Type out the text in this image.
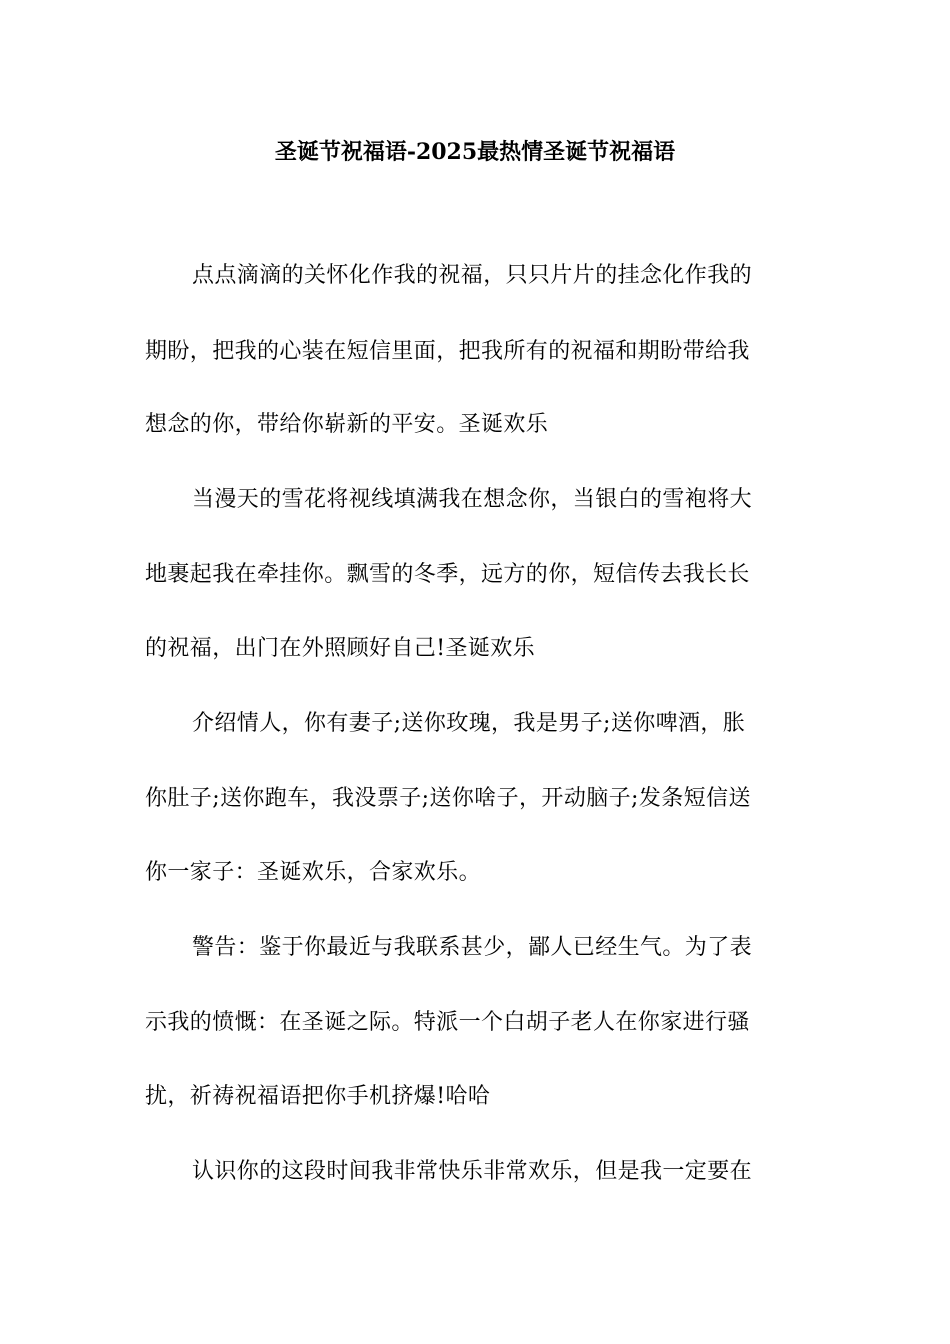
圣诞节祝福语-2025最热情圣诞节祝福语
点点滴滴的关怀化作我的祝福，只只片片的挂念化作我的
期盼，把我的心装在短信里面，把我所有的祝福和期盼带给我
想念的你，带给你崭新的平安。圣诞欢乐
当漫天的雪花将视线填满我在想念你，当银白的雪袍将大
地裹起我在牵挂你。飘雪的冬季，远方的你，短信传去我长长
的祝福，出门在外照顾好自己!圣诞欢乐
介绍情人，你有妻子;送你玫瑰，我是男子;送你啤酒，胀
你肚子;送你跑车，我没票子;送你啥子，开动脑子;发条短信送
你一家子：圣诞欢乐，合家欢乐。
警告：鉴于你最近与我联系甚少，鄙人已经生气。为了表
示我的愤慨：在圣诞之际。特派一个白胡子老人在你家进行骚
扰，祈祷祝福语把你手机挤爆!哈哈
认识你的这段时间我非常快乐非常欢乐，但是我一定要在
